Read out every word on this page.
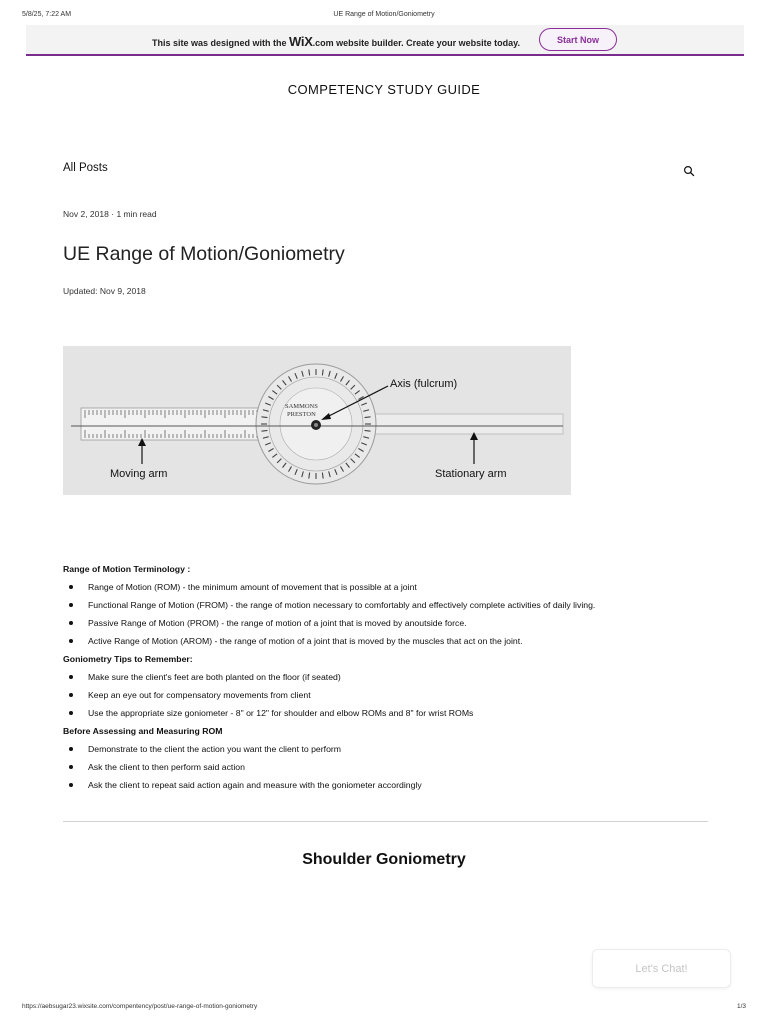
5/8/25, 7:22 AM	UE Range of Motion/Goniometry
This site was designed with the WiX.com website builder. Create your website today.	Start Now
COMPETENCY STUDY GUIDE
All Posts
Nov 2, 2018 · 1 min read
UE Range of Motion/Goniometry
Updated: Nov 9, 2018
SAMMONS
PRESTON
Axis (fulcrum)
Moving arm	Stationary arm
Range of Motion Terminology :
Range of Motion (ROM) - the minimum amount of movement that is possible at a joint
Functional Range of Motion (FROM) - the range of motion necessary to comfortably and effectively complete activities of daily living.
Passive Range of Motion (PROM) - the range of motion of a joint that is moved by anoutside force.
Active Range of Motion (AROM) - the range of motion of a joint that is moved by the muscles that act on the joint.
Goniometry Tips to Remember:
Make sure the client's feet are both planted on the floor (if seated)
Keep an eye out for compensatory movements from client
Use the appropriate size goniometer - 8" or 12" for shoulder and elbow ROMs and 8" for wrist ROMs
Before Assessing and Measuring ROM
Demonstrate to the client the action you want the client to perform
Ask the client to then perform said action
Ask the client to repeat said action again and measure with the goniometer accordingly
Shoulder Goniometry
Let's Chat!
https://aebsugar23.wixsite.com/compentency/post/ue-range-of-motion-goniometry	1/3
